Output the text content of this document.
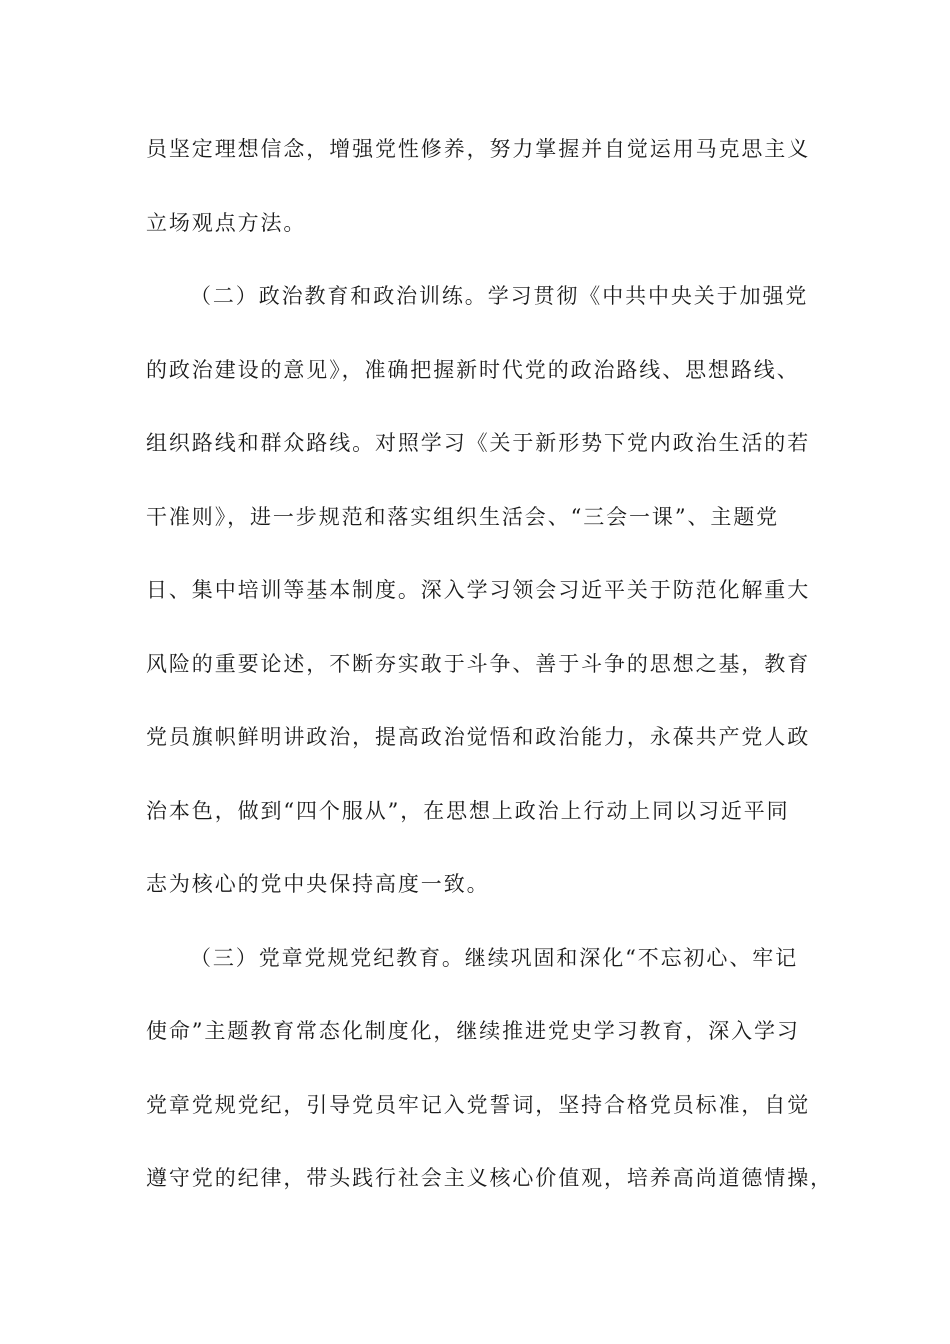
员坚定理想信念，增强党性修养，努力掌握并自觉运用马克思主义
立场观点方法。
（二）政治教育和政治训练。学习贯彻《中共中央关于加强党
的政治建设的意见》，准确把握新时代党的政治路线、思想路线、
组织路线和群众路线。对照学习《关于新形势下党内政治生活的若
干准则》，进一步规范和落实组织生活会、“三会一课”、主题党
日、集中培训等基本制度。深入学习领会习近平关于防范化解重大
风险的重要论述，不断夯实敢于斗争、善于斗争的思想之基，教育
党员旗帜鲜明讲政治，提高政治觉悟和政治能力，永葆共产党人政
治本色，做到“四个服从”，在思想上政治上行动上同以习近平同
志为核心的党中央保持高度一致。
（三）党章党规党纪教育。继续巩固和深化“不忘初心、牢记
使命”主题教育常态化制度化，继续推进党史学习教育，深入学习
党章党规党纪，引导党员牢记入党誓词，坚持合格党员标准，自觉
遵守党的纪律，带头践行社会主义核心价值观，培养高尚道德情操，
